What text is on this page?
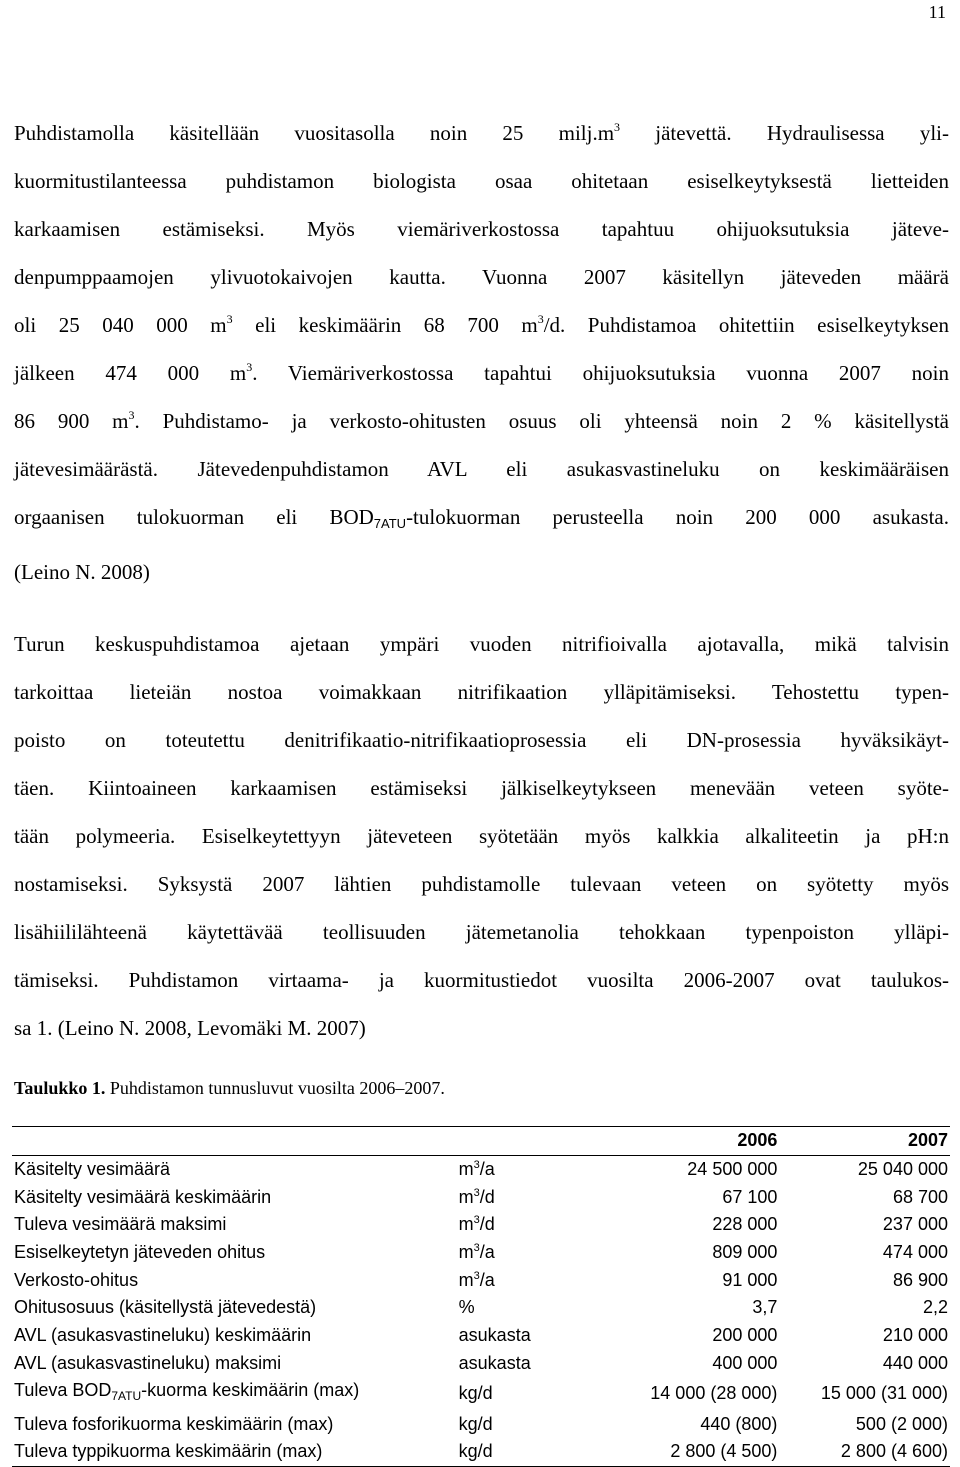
11
Puhdistamolla käsitellään vuositasolla noin 25 $milj.m^3$ jätevettä. Hydraulisessa yli-
kuormitustilanteessa puhdistamon biologista osaa ohitetaan esiselkeytyksestä lietteiden
karkaamisen estämiseksi. Myös viemäriverkostossa tapahtuu ohijuoksutuksia jäteve-
denpumppaamojen ylivuotokaivojen kautta. Vuonna 2007 käsitellyn jäteveden määrä
oli 25 040 000 $m^3$ eli keskimäärin 68 700 $m^3/d$. Puhdistamoa ohitettiin esiselkeytyksen
jälkeen 474 000 $m^3$. Viemäriverkostossa tapahtui ohijuoksutuksia vuonna 2007 noin
86 900 $m^3$. Puhdistamo- ja verkosto-ohitusten osuus oli yhteensä noin 2 % käsitellystä
jätevesimäärästä. Jätevedenpuhdistamon AVL eli asukasvastineluku on keskimääräisen
orgaanisen tulokuorman eli BOD7ATU-tulokuorman perusteella noin 200 000 asukasta.
(Leino N. 2008)
Turun keskuspuhdistamoa ajetaan ympäri vuoden nitrifioivalla ajotavalla, mikä talvisin
tarkoittaa lieteiän nostoa voimakkaan nitrifikaation ylläpitämiseksi. Tehostettu typen-
poisto on toteutettu denitrifikaatio-nitrifikaatioprosessia eli DN-prosessia hyväksikäyt-
täen. Kiintoaineen karkaamisen estämiseksi jälkiselkeytykseen menevään veteen syöte-
tään polymeeria. Esiselkeytettyyn jäteveteen syötetään myös kalkkia alkaliteetin ja pH:n
nostamiseksi. Syksystä 2007 lähtien puhdistamolle tulevaan veteen on syötetty myös
lisähiililähteenä käytettävää teollisuuden jätemetanolia tehokkaan typenpoiston ylläpi-
tämiseksi. Puhdistamon virtaama- ja kuormitustiedot vuosilta 2006-2007 ovat taulukos-
sa 1. (Leino N. 2008, Levomäki M. 2007)
Taulukko 1. Puhdistamon tunnusluvut vuosilta 2006–2007.
		2006	2007
Käsitelty vesimäärä	$m^3/a$	24 500 000	25 040 000
Käsitelty vesimäärä keskimäärin	$m^3/d$	67 100	68 700
Tuleva vesimäärä maksimi	$m^3/d$	228 000	237 000
Esiselkeytetyn jäteveden ohitus	$m^3/a$	809 000	474 000
Verkosto-ohitus	$m^3/a$	91 000	86 900
Ohitusosuus (käsitellystä jätevedestä)	%	3,7	2,2
AVL (asukasvastineluku) keskimäärin	asukasta	200 000	210 000
AVL (asukasvastineluku) maksimi	asukasta	400 000	440 000
Tuleva $BOD_{7ATU}$-kuorma keskimäärin (max)	kg/d	14 000 (28 000)	15 000 (31 000)
Tuleva fosforikuorma keskimäärin (max)	kg/d	440 (800)	500 (2 000)
Tuleva typpikuorma keskimäärin (max)	kg/d	2 800 (4 500)	2 800 (4 600)
